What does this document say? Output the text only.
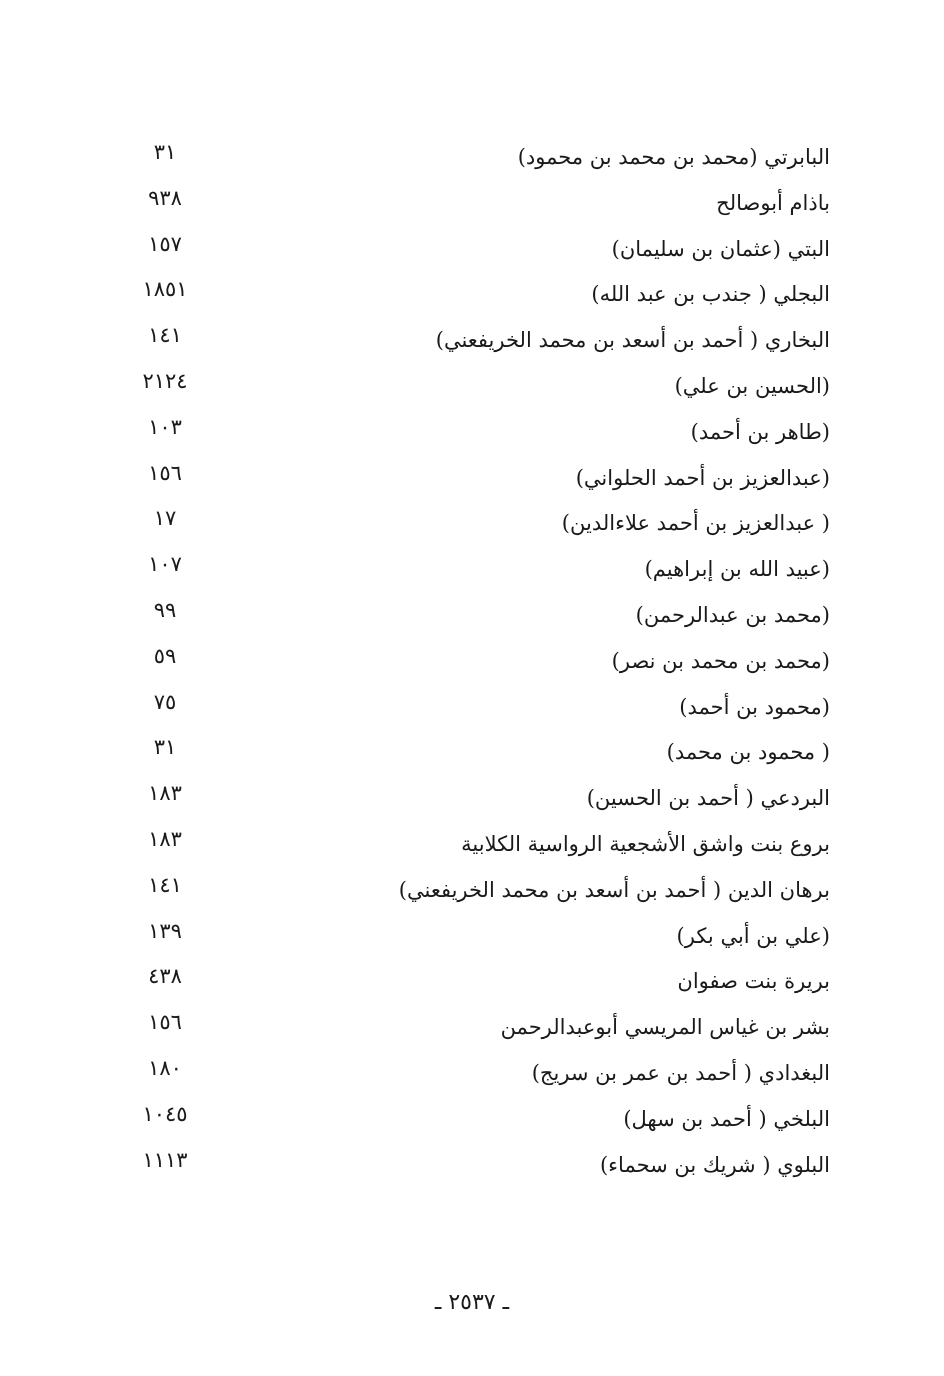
البابرتي (محمد بن محمد بن محمود)
٣١
باذام أبوصالح
٩٣٨
البتي (عثمان بن سليمان)
١٥٧
البجلي ( جندب بن عبد الله)
١٨٥١
البخاري ( أحمد بن أسعد بن محمد الخريفعني)
١٤١
(الحسين بن علي)
٢١٢٤
(طاهر بن أحمد)
١٠٣
(عبدالعزيز بن أحمد الحلواني)
١٥٦
( عبدالعزيز بن أحمد علاءالدين)
١٧
(عبيد الله بن إبراهيم)
١٠٧
(محمد بن عبدالرحمن)
٩٩
(محمد بن محمد بن نصر)
٥٩
(محمود بن أحمد)
٧٥
( محمود بن محمد)
٣١
البردعي ( أحمد بن الحسين)
١٨٣
بروع بنت واشق الأشجعية الرواسية الكلابية
١٨٣
برهان الدين ( أحمد بن أسعد بن محمد الخريفعني)
١٤١
(علي بن أبي بكر)
١٣٩
بريرة بنت صفوان
٤٣٨
بشر بن غياس المريسي أبوعبدالرحمن
١٥٦
البغدادي ( أحمد بن عمر بن سريج)
١٨٠
البلخي ( أحمد بن سهل)
١٠٤٥
البلوي ( شريك بن سحماء)
١١١٣
ـ ٢٥٣٧ ـ
